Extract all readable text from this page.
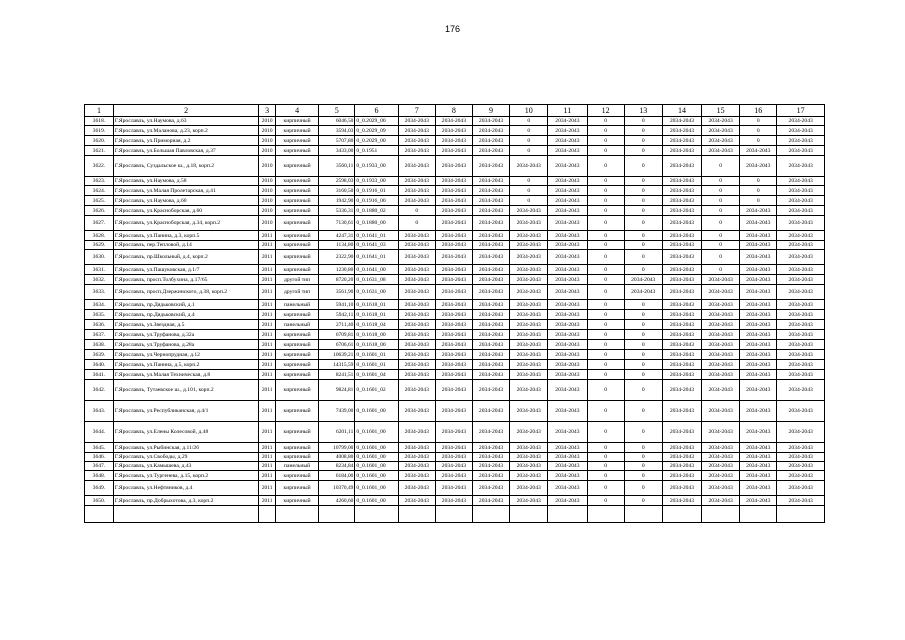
176
1	2	3	4	5	6	7	8	9	10	11	12	13	14	15	16	17
3618.	Г.Ярославль, ул.Наумова, д.63	2010	кирпичный	6046,50	0_0.2029_00	2034-2043	2034-2043	2034-2043	0	2034-2043	0	0	2034-2043	2034-2043	0	2034-2043
3619.	Г.Ярославль, ул.Маланова, д.23, корп.2	2010	кирпичный	3594,03	0_0.2029_09	2034-2043	2034-2043	2034-2043	0	2034-2043	0	0	2034-2043	2034-2043	0	2034-2043
3620.	Г.Ярославль, ул.Приморная, д.2	2010	кирпичный	5707,80	0_0.2029_00	2034-2043	2034-2043	2034-2043	0	2034-2043	0	0	2034-2043	2034-2043	0	2034-2043
3621.	Г.Ярославль, ул.Большая Павловская, д.37	2010	кирпичный	3433,00	0_0.1951	2034-2043	2034-2043	2034-2043	0	2034-2043	0	0	2034-2043	2034-2043	2034-2043	2034-2043
3622.	Г.Ярославль, Суздальское ш., д.18, корп.2	2010	кирпичный	3560,11	0_0.1933_00	2034-2043	2034-2043	2034-2043	2034-2043	2034-2043	0	0	2034-2043	0	2034-2043	2034-2043
3623.	Г.Ярославль, ул.Наумова, д.58	2010	кирпичный	2598,03	0_0.1933_00	2034-2043	2034-2043	2034-2043	0	2034-2043	0	0	2034-2043	0	0	2034-2043
3624.	Г.Ярославль, ул.Малая Пролетарская, д.41	2010	кирпичный	3160,50	0_0.1916_01	2034-2043	2034-2043	2034-2043	0	2034-2043	0	0	2034-2043	0	0	2034-2043
3625.	Г.Ярославль, ул.Наумова, д.60	2010	кирпичный	1942,90	0_0.1916_00	2034-2043	2034-2043	2034-2043	0	2034-2043	0	0	2034-2043	0	0	2034-2043
3626.	Г.Ярославль, ул.Красноборская, д.60	2010	кирпичный	5336,31	0_0.1880_02	0	2034-2043	2034-2043	2034-2043	2034-2043	0	0	2034-2043	0	2034-2043	2034-2043
3627.	Г.Ярославль, ул.Красноборская, д.34, корп.2	2010	кирпичный	7130,61	0_0.1880_00	0	2034-2043	2034-2043	2034-2043	2034-2043	0	0	2034-2043	0	2034-2043	2034-2043
3628.	Г.Ярославль, ул.Панина, д.3, корп.5	2011	кирпичный	4247,31	0_0.1641_01	2034-2043	2034-2043	2034-2043	2034-2043	2034-2043	0	0	2034-2043	0	2034-2043	2034-2043
3629.	Г.Ярославль, пер.Тепловой, д.14	2011	кирпичный	1134,80	0_0.1641_03	2034-2043	2034-2043	2034-2043	2034-2043	2034-2043	0	0	2034-2043	0	2034-2043	2034-2043
3630.	Г.Ярославль, пр.Школьный, д.4, корп.2	2011	кирпичный	2322,90	0_0.1641_01	2034-2043	2034-2043	2034-2043	2034-2043	2034-2043	0	0	2034-2043	0	2034-2043	2034-2043
3631.	Г.Ярославль, ул.Пашуковская, д.1/7	2011	кирпичный	1230,80	0_0.1641_00	2034-2043	2034-2043	2034-2043	2034-2043	2034-2043	0	0	2034-2043	0	2034-2043	2034-2043
3632.	Г.Ярославль, просп.Толбухина, д.17/65	2011	другой тип	8720,20	0_0.1631_08	2034-2043	2034-2043	2034-2043	2034-2043	2034-2043	0	2034-2043	2034-2043	2034-2043	2034-2043	2034-2043
3633.	Г.Ярославль, просп.Дзержинского, д.38, корп.2	2011	другой тип	3561,90	0_0.1631_00	2034-2043	2034-2043	2034-2043	2034-2043	2034-2043	0	2034-2043	2034-2043	2034-2043	2034-2043	2034-2043
3634.	Г.Ярославль, пр.Дядьковский, д.1	2011	панельный	5941,10	0_0.1618_01	2034-2043	2034-2043	2034-2043	2034-2043	2034-2043	0	0	2034-2043	2034-2043	2034-2043	2034-2043
3635.	Г.Ярославль, пр.Дядьковский, д.4	2011	кирпичный	5942,11	0_0.1618_01	2034-2043	2034-2043	2034-2043	2034-2043	2034-2043	0	0	2034-2043	2034-2043	2034-2043	2034-2043
3636.	Г.Ярославль, ул.Звездная, д.5	2011	панельный	2711,40	0_0.1618_04	2034-2043	2034-2043	2034-2043	2034-2043	2034-2043	0	0	2034-2043	2034-2043	2034-2043	2034-2043
3637.	Г.Ярославль, ул.Труфанова, д.32а	2011	кирпичный	6709,81	0_0.1618_00	2034-2043	2034-2043	2034-2043	2034-2043	2034-2043	0	0	2034-2043	2034-2043	2034-2043	2034-2043
3638.	Г.Ярославль, ул.Труфанова, д.28а	2011	кирпичный	6706,61	0_0.1618_00	2034-2043	2034-2043	2034-2043	2034-2043	2034-2043	0	0	2034-2043	2034-2043	2034-2043	2034-2043
3639.	Г.Ярославль, ул.Чернопрудная, д.12	2011	кирпичный	10639,21	0_0.1601_01	2034-2043	2034-2043	2034-2043	2034-2043	2034-2043	0	0	2034-2043	2034-2043	2034-2043	2034-2043
3640.	Г.Ярославль, ул.Панина, д.5, корп.2	2011	кирпичный	14315,59	0_0.1601_01	2034-2043	2034-2043	2034-2043	2034-2043	2034-2043	0	0	2034-2043	2034-2043	2034-2043	2034-2043
3641.	Г.Ярославль, ул.Малая Техническая, д.8	2011	кирпичный	8241,51	0_0.1601_04	2034-2043	2034-2043	2034-2043	2034-2043	2034-2043	0	0	2034-2043	2034-2043	2034-2043	2034-2043
3642.	Г.Ярославль, Тутаевское ш., д.101, корп.2	2011	кирпичный	9824,81	0_0.1601_02	2034-2043	2034-2043	2034-2043	2034-2043	2034-2043	0	0	2034-2043	2034-2043	2034-2043	2034-2043
3643.	Г.Ярославль, ул.Республиканская, д.4/1	2011	кирпичный	7439,00	0_0.1601_00	2034-2043	2034-2043	2034-2043	2034-2043	2034-2043	0	0	2034-2043	2034-2043	2034-2043	2034-2043
3644.	Г.Ярославль, ул.Елены Колесовой, д.48	2011	кирпичный	6201,11	0_0.1601_00	2034-2043	2034-2043	2034-2043	2034-2043	2034-2043	0	0	2034-2043	2034-2043	2034-2043	2034-2043
3645.	Г.Ярославль, ул.Рыбинская, д.11/26	2011	кирпичный	10799,00	0_0.1601_00	2034-2043	2034-2043	2034-2043	2034-2043	2034-2043	0	0	2034-2043	2034-2043	2034-2043	2034-2043
3646.	Г.Ярославль, ул.Свободы, д.29	2011	кирпичный	4008,80	0_0.1601_00	2034-2043	2034-2043	2034-2043	2034-2043	2034-2043	0	0	2034-2043	2034-2043	2034-2043	2034-2043
3647.	Г.Ярославль, ул.Камышева, д.43	2011	панельный	8234,84	0_0.1601_00	2034-2043	2034-2043	2034-2043	2034-2043	2034-2043	0	0	2034-2043	2034-2043	2034-2043	2034-2043
3648.	Г.Ярославль, ул.Тургенева, д.15, корп.2	2011	кирпичный	6184,00	0_0.1601_00	2034-2043	2034-2043	2034-2043	2034-2043	2034-2043	0	0	2034-2043	2034-2043	2034-2043	2034-2043
3649.	Г.Ярославль, ул.Нефтяников, д.4	2011	кирпичный	10370,49	0_0.1601_00	2034-2043	2034-2043	2034-2043	2034-2043	2034-2043	0	0	2034-2043	2034-2043	2034-2043	2034-2043
3650.	Г.Ярославль, пр.Добрыхотова, д.3, корп.2	2011	кирпичный	4260,60	0_0.1601_00	2034-2043	2034-2043	2034-2043	2034-2043	2034-2043	0	0	2034-2043	2034-2043	2034-2043	2034-2043
